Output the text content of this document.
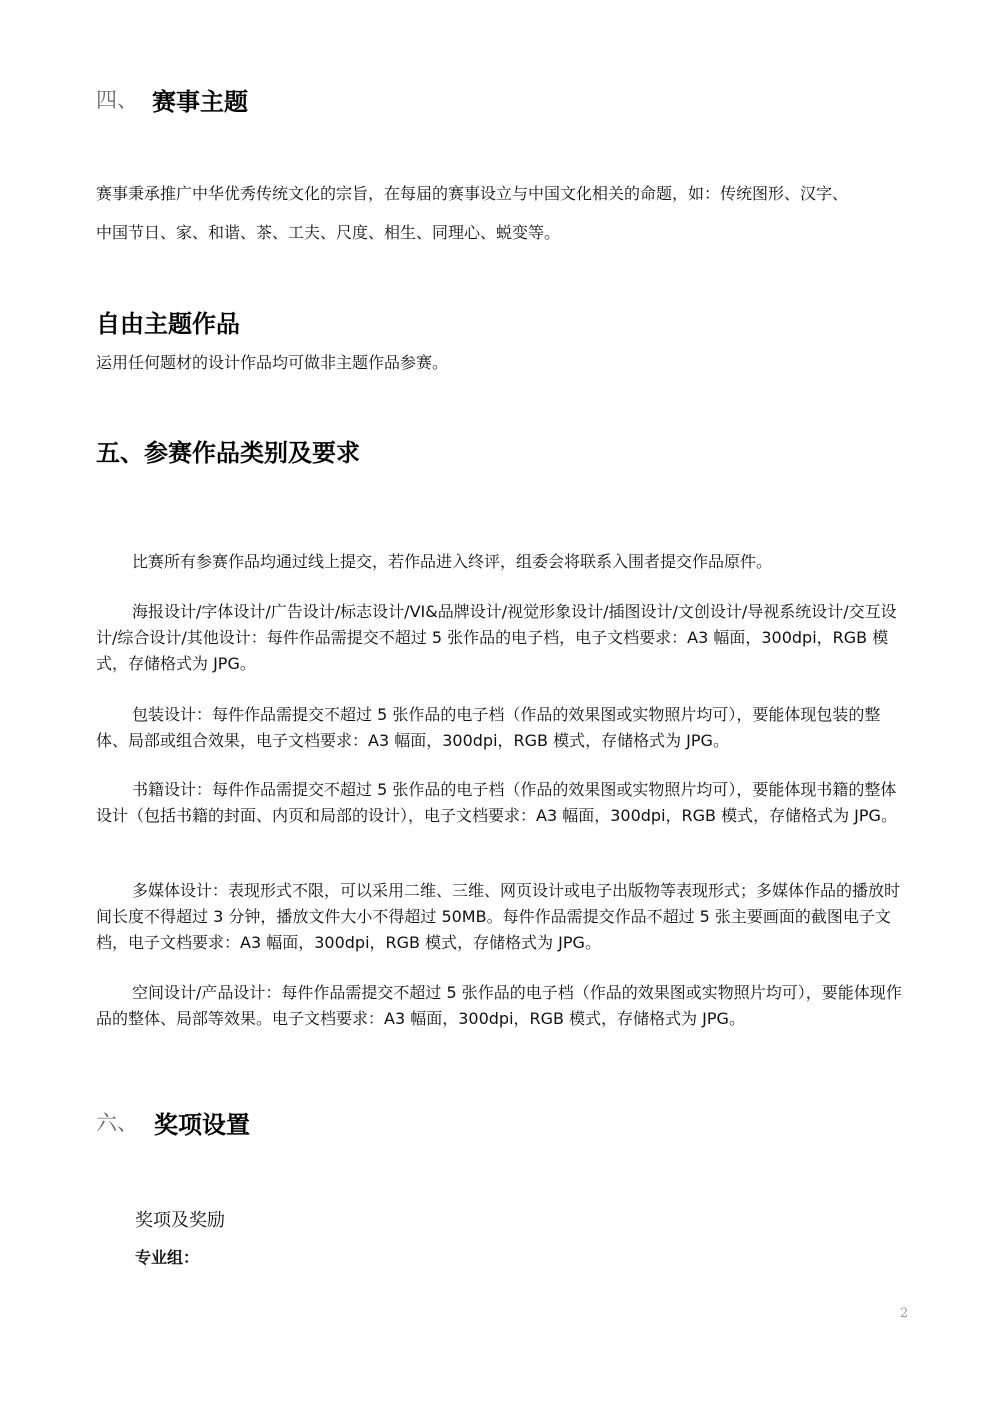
四、 赛事主题
赛事秉承推广中华优秀传统文化的宗旨，在每届的赛事设立与中国文化相关的命题，如：传统图形、汉字、
中国节日、家、和谐、茶、工夫、尺度、相生、同理心、蜕变等。
自由主题作品
运用任何题材的设计作品均可做非主题作品参赛。
五、参赛作品类别及要求
比赛所有参赛作品均通过线上提交，若作品进入终评，组委会将联系入围者提交作品原件。
海报设计/字体设计/广告设计/标志设计/VI&品牌设计/视觉形象设计/插图设计/文创设计/导视系统设计/交互设计/综合设计/其他设计：每件作品需提交不超过 5 张作品的电子档，电子文档要求：A3 幅面，300dpi，RGB 模式，存储格式为 JPG。
包装设计：每件作品需提交不超过 5 张作品的电子档（作品的效果图或实物照片均可），要能体现包装的整体、局部或组合效果，电子文档要求：A3 幅面，300dpi，RGB 模式，存储格式为 JPG。
书籍设计：每件作品需提交不超过 5 张作品的电子档（作品的效果图或实物照片均可），要能体现书籍的整体设计（包括书籍的封面、内页和局部的设计），电子文档要求：A3 幅面，300dpi，RGB 模式，存储格式为 JPG。
多媒体设计：表现形式不限，可以采用二维、三维、网页设计或电子出版物等表现形式；多媒体作品的播放时间长度不得超过 3 分钟，播放文件大小不得超过 50MB。每件作品需提交作品不超过 5 张主要画面的截图电子文档，电子文档要求：A3 幅面，300dpi，RGB 模式，存储格式为 JPG。
空间设计/产品设计：每件作品需提交不超过 5 张作品的电子档（作品的效果图或实物照片均可），要能体现作品的整体、局部等效果。电子文档要求：A3 幅面，300dpi，RGB 模式，存储格式为 JPG。
六、 奖项设置
奖项及奖励
专业组：
2
